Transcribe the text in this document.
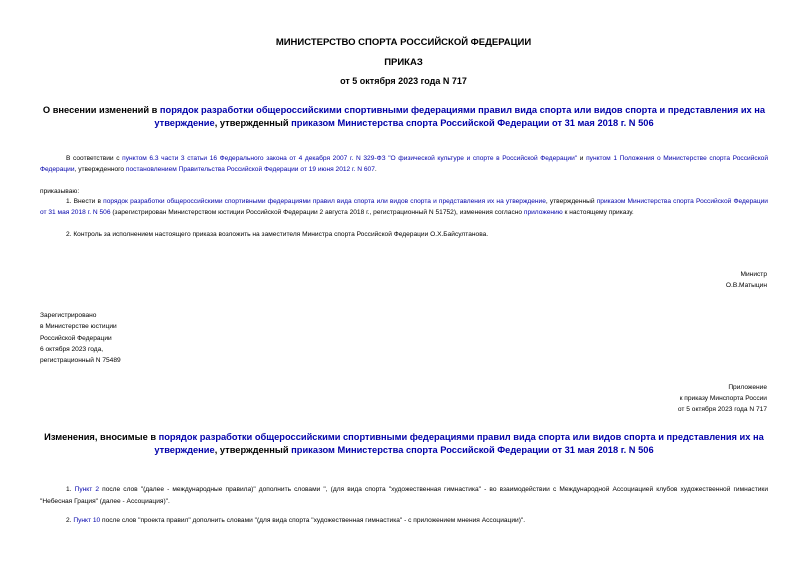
МИНИСТЕРСТВО СПОРТА РОССИЙСКОЙ ФЕДЕРАЦИИ
ПРИКАЗ
от 5 октября 2023 года N 717
О внесении изменений в порядок разработки общероссийскими спортивными федерациями правил вида спорта или видов спорта и представления их на утверждение, утвержденный приказом Министерства спорта Российской Федерации от 31 мая 2018 г. N 506
В соответствии с пунктом 6.3 части 3 статьи 16 Федерального закона от 4 декабря 2007 г. N 329-ФЗ "О физической культуре и спорте в Российской Федерации" и пунктом 1 Положения о Министерстве спорта Российской Федерации, утвержденного постановлением Правительства Российской Федерации от 19 июня 2012 г. N 607.
приказываю:
1. Внести в порядок разработки общероссийскими спортивными федерациями правил вида спорта или видов спорта и представления их на утверждение, утвержденный приказом Министерства спорта Российской Федерации от 31 мая 2018 г. N 506 (зарегистрирован Министерством юстиции Российской Федерации 2 августа 2018 г., регистрационный N 51752), изменения согласно приложению к настоящему приказу.
2. Контроль за исполнением настоящего приказа возложить на заместителя Министра спорта Российской Федерации О.Х.Байсултанова.
Министр
О.В.Матыцин
Зарегистрировано
в Министерстве юстиции
Российской Федерации
6 октября 2023 года,
регистрационный N 75489
Приложение
к приказу Минспорта России
от 5 октября 2023 года N 717
Изменения, вносимые в порядок разработки общероссийскими спортивными федерациями правил вида спорта или видов спорта и представления их на утверждение, утвержденный приказом Министерства спорта Российской Федерации от 31 мая 2018 г. N 506
1. Пункт 2 после слов "(далее - международные правила)" дополнить словами ", (для вида спорта "художественная гимнастика" - во взаимодействии с Международной Ассоциацией клубов художественной гимнастики "Небесная Грация" (далее - Ассоциация)".
2. Пункт 10 после слов "проекта правил" дополнить словами "(для вида спорта "художественная гимнастика" - с приложением мнения Ассоциации)".
